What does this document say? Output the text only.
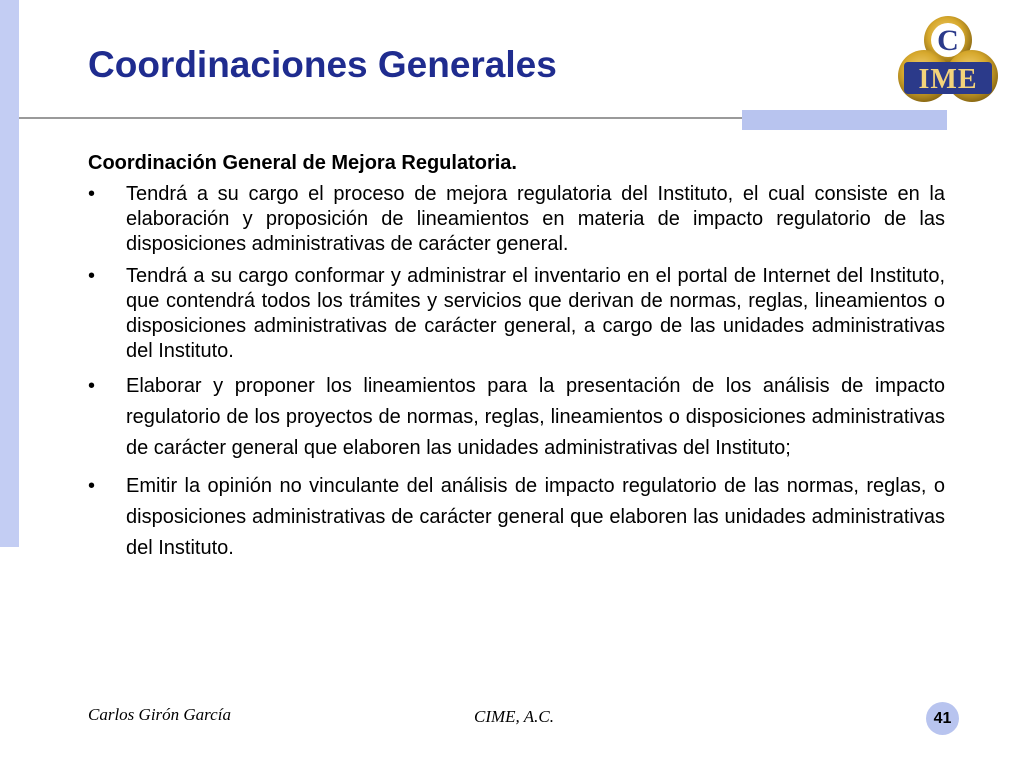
Coordinaciones Generales
C
IME

Coordinación General de Mejora Regulatoria.

• Tendrá a su cargo el proceso de mejora regulatoria del Instituto, el cual consiste en la elaboración y proposición de lineamientos en materia de impacto regulatorio de las disposiciones administrativas de carácter general.
• Tendrá a su cargo conformar y administrar el inventario en el portal de Internet del Instituto, que contendrá todos los trámites y servicios que derivan de normas, reglas, lineamientos o disposiciones administrativas de carácter general, a cargo de las unidades administrativas del Instituto.
• Elaborar y proponer los lineamientos para la presentación de los análisis de impacto regulatorio de los proyectos de normas, reglas, lineamientos o disposiciones administrativas de carácter general que elaboren las unidades administrativas del Instituto;
• Emitir la opinión no vinculante del análisis de impacto regulatorio de las normas, reglas, o disposiciones administrativas de carácter general que elaboren las unidades administrativas del Instituto.
Carlos Girón García	CIME, A.C.	41
